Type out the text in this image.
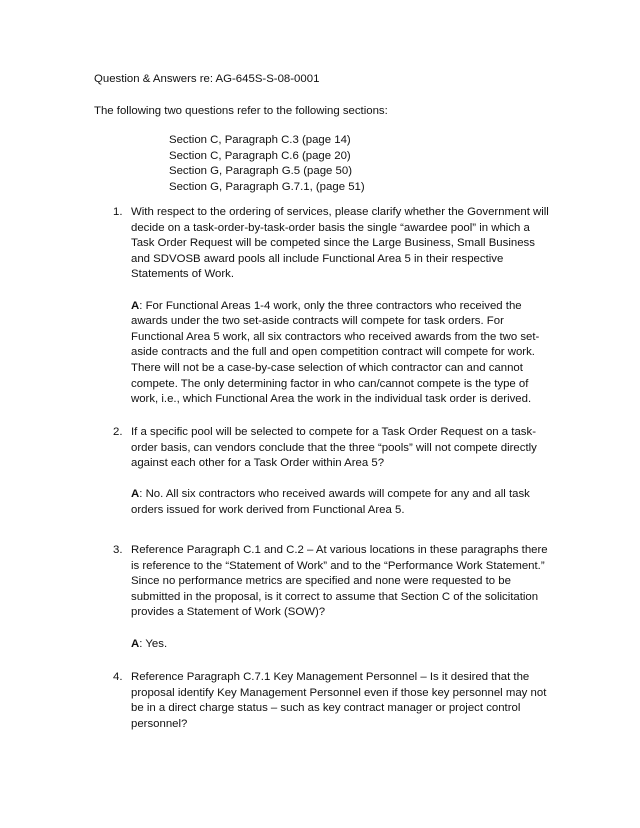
Question & Answers re: AG-645S-S-08-0001
The following two questions refer to the following sections:
Section C, Paragraph C.3 (page 14)
Section C, Paragraph C.6 (page 20)
Section G, Paragraph G.5 (page 50)
Section G, Paragraph G.7.1, (page 51)
1. With respect to the ordering of services, please clarify whether the Government will decide on a task-order-by-task-order basis the single “awardee pool” in which a Task Order Request will be competed since the Large Business, Small Business and SDVOSB award pools all include Functional Area 5 in their respective Statements of Work.
A: For Functional Areas 1-4 work, only the three contractors who received the awards under the two set-aside contracts will compete for task orders. For Functional Area 5 work, all six contractors who received awards from the two set-aside contracts and the full and open competition contract will compete for work. There will not be a case-by-case selection of which contractor can and cannot compete. The only determining factor in who can/cannot compete is the type of work, i.e., which Functional Area the work in the individual task order is derived.
2. If a specific pool will be selected to compete for a Task Order Request on a task-order basis, can vendors conclude that the three “pools” will not compete directly against each other for a Task Order within Area 5?
A: No. All six contractors who received awards will compete for any and all task orders issued for work derived from Functional Area 5.
3. Reference Paragraph C.1 and C.2 – At various locations in these paragraphs there is reference to the “Statement of Work” and to the “Performance Work Statement.” Since no performance metrics are specified and none were requested to be submitted in the proposal, is it correct to assume that Section C of the solicitation provides a Statement of Work (SOW)?
A: Yes.
4. Reference Paragraph C.7.1 Key Management Personnel – Is it desired that the proposal identify Key Management Personnel even if those key personnel may not be in a direct charge status – such as key contract manager or project control personnel?
